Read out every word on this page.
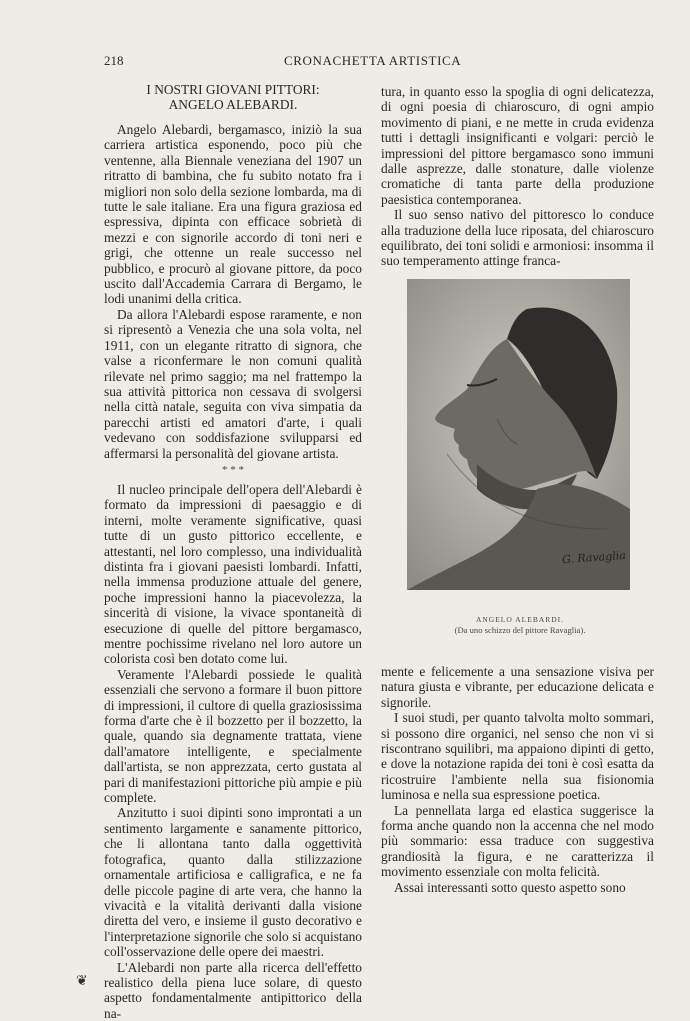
218	CRONACHETTA ARTISTICA
I NOSTRI GIOVANI PITTORI:
ANGELO ALEBARDI.

Angelo Alebardi, bergamasco, iniziò la sua carriera artistica esponendo, poco più che ventenne, alla Biennale veneziana del 1907 un ritratto di bambina, che fu subito notato fra i migliori non solo della sezione lombarda, ma di tutte le sale italiane. Era una figura graziosa ed espressiva, dipinta con efficace sobrietà di mezzi e con signorile accordo di toni neri e grigi, che ottenne un reale successo nel pubblico, e procurò al giovane pittore, da poco uscito dall'Accademia Carrara di Bergamo, le lodi unanimi della critica.

Da allora l'Alebardi espose raramente, e non si ripresentò a Venezia che una sola volta, nel 1911, con un elegante ritratto di signora, che valse a riconfermare le non comuni qualità rilevate nel primo saggio; ma nel frattempo la sua attività pittorica non cessava di svolgersi nella città natale, seguita con viva simpatia da parecchi artisti ed amatori d'arte, i quali vedevano con soddisfazione svilupparsi ed affermarsi la personalità del giovane artista.

* * *

Il nucleo principale dell'opera dell'Alebardi è formato da impressioni di paesaggio e di interni, molte veramente significative, quasi tutte di un gusto pittorico eccellente, e attestanti, nel loro complesso, una individualità distinta fra i giovani paesisti lombardi. Infatti, nella immensa produzione attuale del genere, poche impressioni hanno la piacevolezza, la sincerità di visione, la vivace spontaneità di esecuzione di quelle del pittore bergamasco, mentre pochissime rivelano nel loro autore un colorista così ben dotato come lui.

Veramente l'Alebardi possiede le qualità essenziali che servono a formare il buon pittore di impressioni, il cultore di quella graziosissima forma d'arte che è il bozzetto per il bozzetto, la quale, quando sia degnamente trattata, viene dall'amatore intelligente, e specialmente dall'artista, se non apprezzata, certo gustata al pari di manifestazioni pittoriche più ampie e più complete.

Anzitutto i suoi dipinti sono improntati a un sentimento largamente e sanamente pittorico, che li allontana tanto dalla oggettività fotografica, quanto dalla stilizzazione ornamentale artificiosa e calligrafica, e ne fa delle piccole pagine di arte vera, che hanno la vivacità e la vitalità derivanti dalla visione diretta del vero, e insieme il gusto decorativo e l'interpretazione signorile che solo si acquistano coll'osservazione delle opere dei maestri.

L'Alebardi non parte alla ricerca dell'effetto realistico della piena luce solare, di questo aspetto fondamentalmente antipittorico della na-

tura, in quanto esso la spoglia di ogni delicatezza, di ogni poesia di chiaroscuro, di ogni ampio movimento di piani, e ne mette in cruda evidenza tutti i dettagli insignificanti e volgari: perciò le impressioni del pittore bergamasco sono immuni dalle asprezze, dalle stonature, dalle violenze cromatiche di tanta parte della produzione paesistica contemporanea.

Il suo senso nativo del pittoresco lo conduce alla traduzione della luce riposata, del chiaroscuro equilibrato, dei toni solidi e armoniosi: insomma il suo temperamento attinge franca-

G. Ravaglia
ANGELO ALEBARDI.
(Da uno schizzo del pittore Ravaglia).

mente e felicemente a una sensazione visiva per natura giusta e vibrante, per educazione delicata e signorile.

I suoi studi, per quanto talvolta molto sommari, si possono dire organici, nel senso che non vi si riscontrano squilibri, ma appaiono dipinti di getto, e dove la notazione rapida dei toni è così esatta da ricostruire l'ambiente nella sua fisionomia luminosa e nella sua espressione poetica.

La pennellata larga ed elastica suggerisce la forma anche quando non la accenna che nel modo più sommario: essa traduce con suggestiva grandiosità la figura, e ne caratterizza il movimento essenziale con molta felicità.

Assai interessanti sotto questo aspetto sono

❦
